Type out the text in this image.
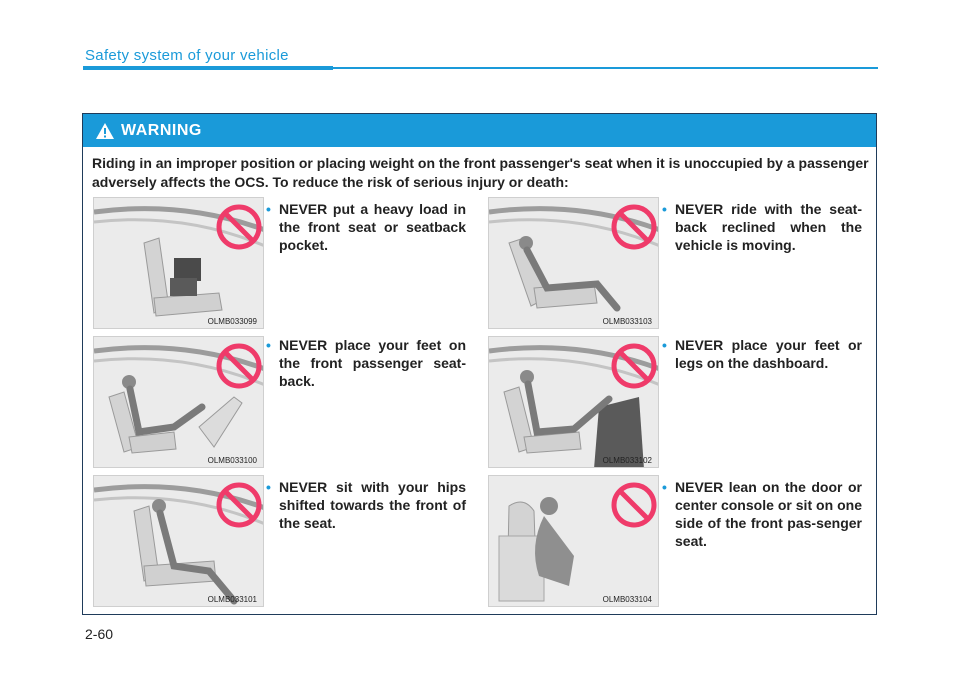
Safety system of your vehicle
WARNING
Riding in an improper position or placing weight on the front passenger's seat when it is unoccupied by a passenger adversely affects the OCS. To reduce the risk of serious injury or death:
OLMB033099
• NEVER put a heavy load in the front seat or seatback pocket.
OLMB033103
• NEVER ride with the seat-back reclined when the vehicle is moving.
OLMB033100
• NEVER place your feet on the front passenger seat-back.
OLMB033102
• NEVER place your feet or legs on the dashboard.
OLMB033101
• NEVER sit with your hips shifted towards the front of the seat.
OLMB033104
• NEVER lean on the door or center console or sit on one side of the front pas-senger seat.
2-60
